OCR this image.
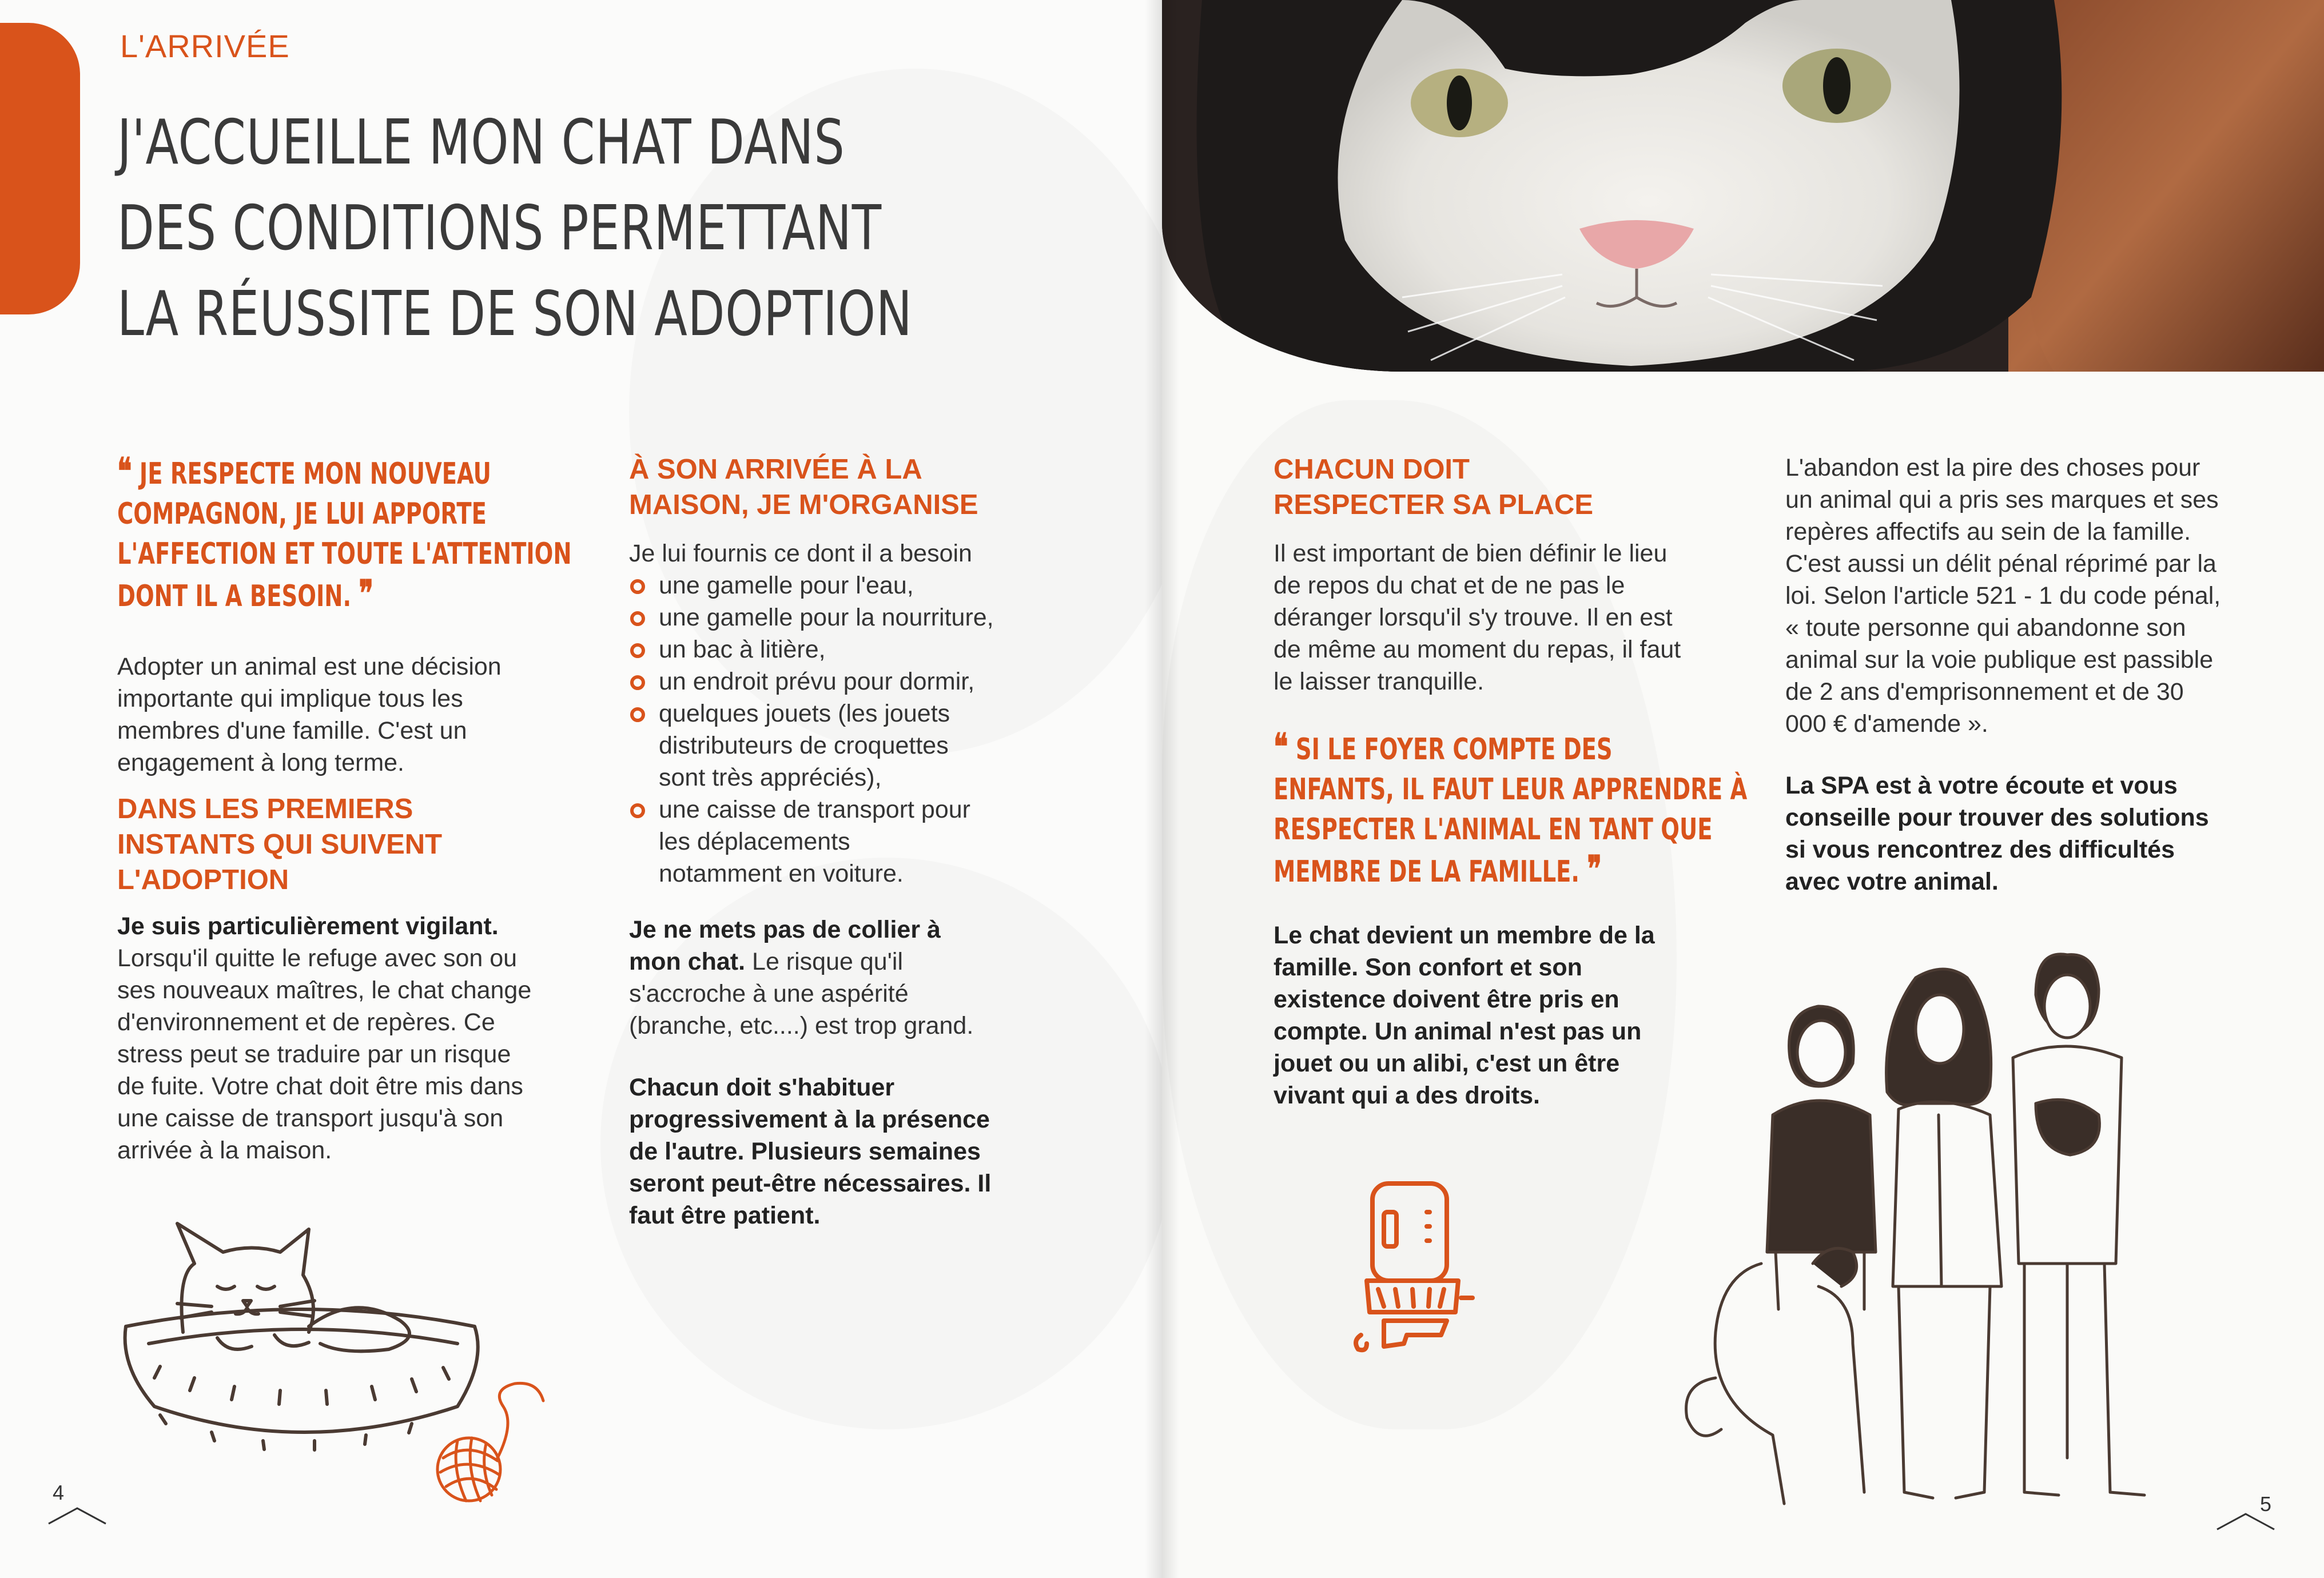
L'ARRIVÉE
J'ACCUEILLE MON CHAT DANS
DES CONDITIONS PERMETTANT
LA RÉUSSITE DE SON ADOPTION
❝ JE RESPECTE MON NOUVEAU
COMPAGNON, JE LUI APPORTE
L'AFFECTION ET TOUTE L'ATTENTION
DONT IL A BESOIN. ❞
Adopter un animal est une décision importante qui implique tous les membres d'une famille. C'est un engagement à long terme.
DANS LES PREMIERS INSTANTS QUI SUIVENT L'ADOPTION
Je suis particulièrement vigilant. Lorsqu'il quitte le refuge avec son ou ses nouveaux maîtres, le chat change d'environnement et de repères. Ce stress peut se traduire par un risque de fuite. Votre chat doit être mis dans une caisse de transport jusqu'à son arrivée à la maison.
À SON ARRIVÉE À LA MAISON, JE M'ORGANISE
Je lui fournis ce dont il a besoin
une gamelle pour l'eau,
une gamelle pour la nourriture,
un bac à litière,
un endroit prévu pour dormir,
quelques jouets (les jouets distributeurs de croquettes sont très appréciés),
une caisse de transport pour les déplacements notamment en voiture.
Je ne mets pas de collier à mon chat. Le risque qu'il s'accroche à une aspérité (branche, etc....) est trop grand.
Chacun doit s'habituer progressivement à la présence de l'autre. Plusieurs semaines seront peut-être nécessaires. Il faut être patient.
4	5
CHACUN DOIT RESPECTER SA PLACE
Il est important de bien définir le lieu de repos du chat et de ne pas le déranger lorsqu'il s'y trouve. Il en est de même au moment du repas, il faut le laisser tranquille.
❝ SI LE FOYER COMPTE DES
ENFANTS, IL FAUT LEUR APPRENDRE À
RESPECTER L'ANIMAL EN TANT QUE
MEMBRE DE LA FAMILLE. ❞
Le chat devient un membre de la famille. Son confort et son existence doivent être pris en compte. Un animal n'est pas un jouet ou un alibi, c'est un être vivant qui a des droits.
L'abandon est la pire des choses pour un animal qui a pris ses marques et ses repères affectifs au sein de la famille. C'est aussi un délit pénal réprimé par la loi. Selon l'article 521 - 1 du code pénal, « toute personne qui abandonne son animal sur la voie publique est passible de 2 ans d'emprisonnement et de 30 000 € d'amende ».
La SPA est à votre écoute et vous conseille pour trouver des solutions si vous rencontrez des difficultés avec votre animal.
